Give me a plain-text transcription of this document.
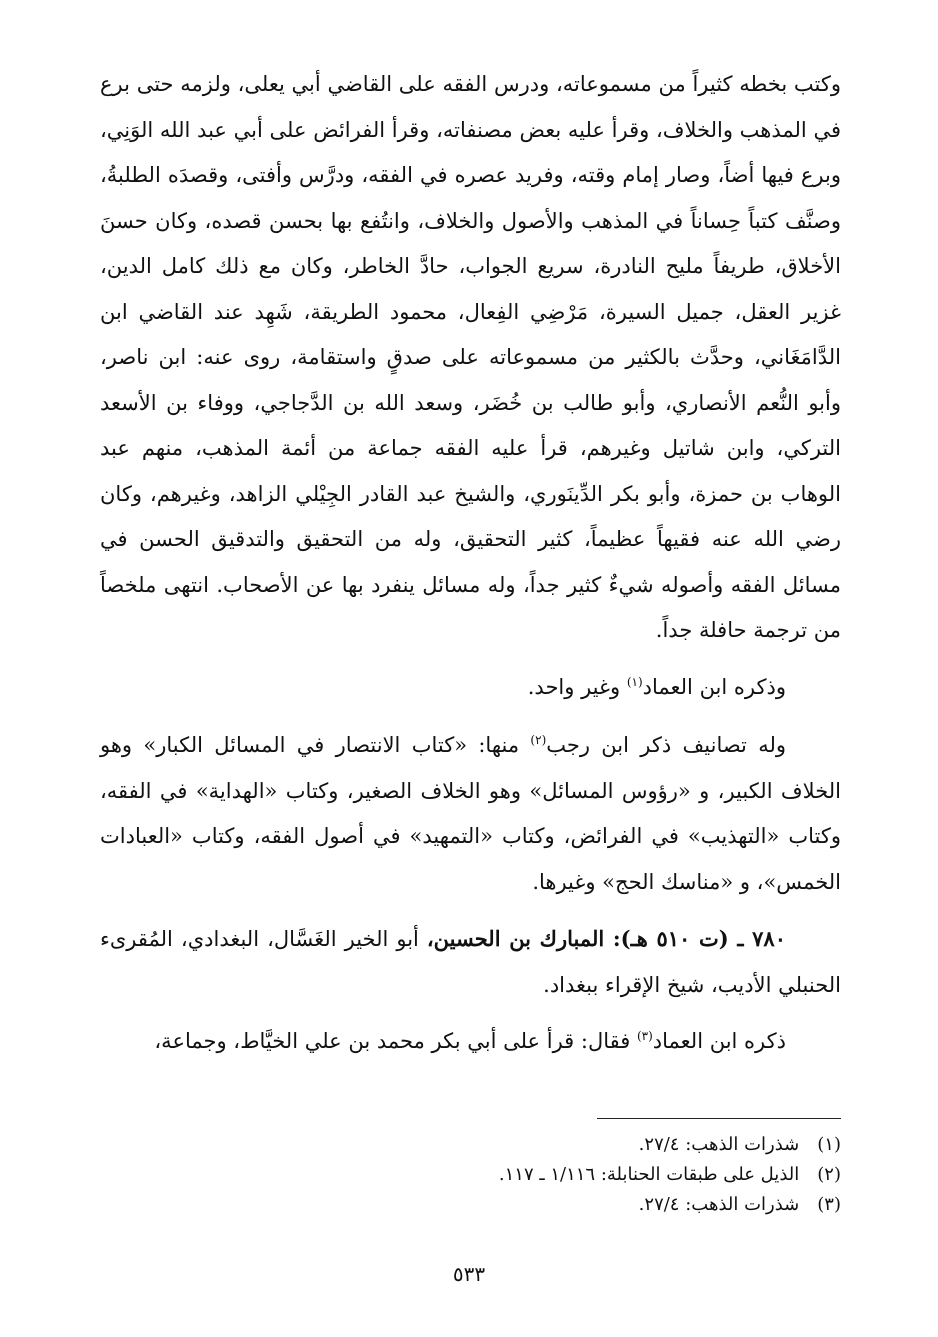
وكتب بخطه كثيراً من مسموعاته، ودرس الفقه على القاضي أبي يعلى، ولزمه حتى برع في المذهب والخلاف، وقرأ عليه بعض مصنفاته، وقرأ الفرائض على أبي عبد الله الوَنِي، وبرع فيها أضاً، وصار إمام وقته، وفريد عصره في الفقه، ودرَّس وأفتى، وقصدَه الطلبةُ، وصنَّف كتباً حِساناً في المذهب والأصول والخلاف، وانتُفع بها بحسن قصده، وكان حسنَ الأخلاق، طريفاً مليح النادرة، سريع الجواب، حادَّ الخاطر، وكان مع ذلك كامل الدين، غزير العقل، جميل السيرة، مَرْضِي الفِعال، محمود الطريقة، شَهِد عند القاضي ابن الدَّامَغَاني، وحدَّث بالكثير من مسموعاته على صدقٍ واستقامة، روى عنه: ابن ناصر، وأبو النُّعم الأنصاري، وأبو طالب بن خُضَر، وسعد الله بن الدَّجاجي، ووفاء بن الأسعد التركي، وابن شاتيل وغيرهم، قرأ عليه الفقه جماعة من أئمة المذهب، منهم عبد الوهاب بن حمزة، وأبو بكر الدِّينَوري، والشيخ عبد القادر الجِيْلي الزاهد، وغيرهم، وكان رضي الله عنه فقيهاً عظيماً، كثير التحقيق، وله من التحقيق والتدقيق الحسن في مسائل الفقه وأصوله شيءٌ كثير جداً، وله مسائل ينفرد بها عن الأصحاب. انتهى ملخصاً من ترجمة حافلة جداً.

وذكره ابن العماد$^{(١)}$ وغير واحد.

وله تصانيف ذكر ابن رجب$^{(٢)}$ منها: «كتاب الانتصار في المسائل الكبار» وهو الخلاف الكبير، و «رؤوس المسائل» وهو الخلاف الصغير، وكتاب «الهداية» في الفقه، وكتاب «التهذيب» في الفرائض، وكتاب «التمهيد» في أصول الفقه، وكتاب «العبادات الخمس»، و «مناسك الحج» وغيرها.

٧٨٠ ـ (ت ٥١٠ هـ): المبارك بن الحسين، أبو الخير الغَسَّال، البغدادي، المُقرىء الحنبلي الأديب، شيخ الإقراء ببغداد.

ذكره ابن العماد$^{(٣)}$ فقال: قرأ على أبي بكر محمد بن علي الخيَّاط، وجماعة،

(١) شذرات الذهب: ٢٧/٤.
(٢) الذيل على طبقات الحنابلة: ١/١١٦ ـ ١١٧.
(٣) شذرات الذهب: ٢٧/٤.
٥٣٣
